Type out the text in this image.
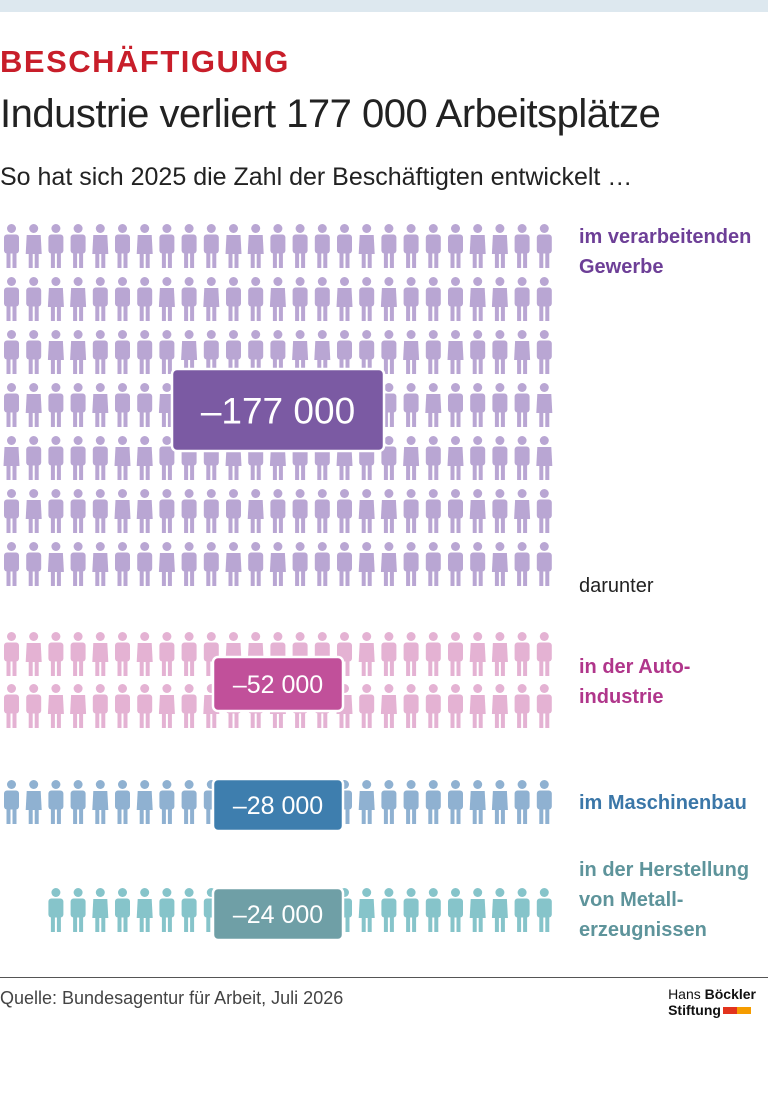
BESCHÄFTIGUNG
Industrie verliert 177 000 Arbeitsplätze
So hat sich 2025 die Zahl der Beschäftigten entwickelt …
–177 000
–52 000
–28 000
–24 000
im verarbeitenden
Gewerbe
darunter
in der Auto-
industrie
im Maschinenbau
in der Herstellung
von Metall-
erzeugnissen
Quelle: Bundesagentur für Arbeit, Juli 2026	Hans Böckler
Stiftung
